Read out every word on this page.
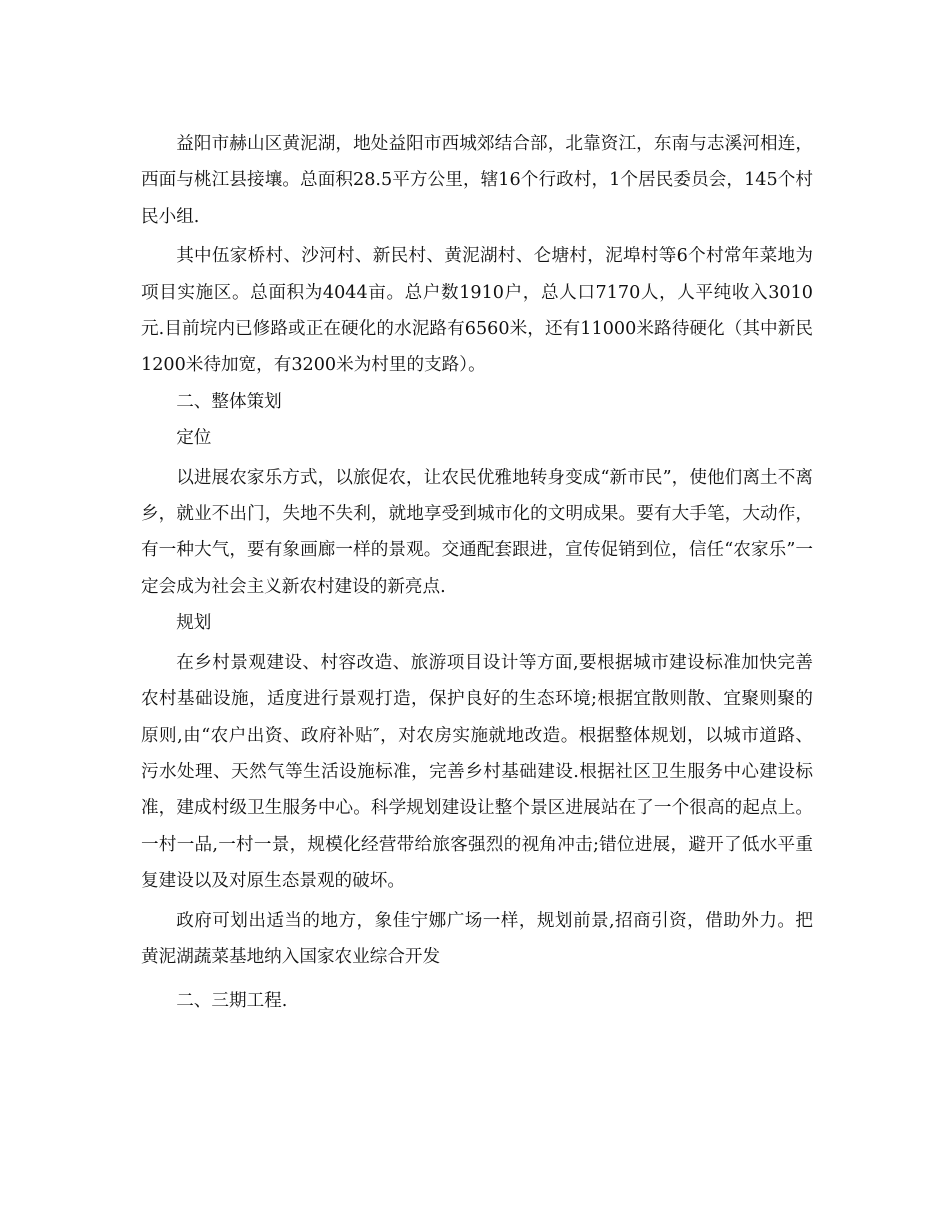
益阳市赫山区黄泥湖，地处益阳市西城郊结合部，北靠资江，东南与志溪河相连，西面与桃江县接壤。总面积28.5平方公里，辖16个行政村，1个居民委员会，145个村民小组.

其中伍家桥村、沙河村、新民村、黄泥湖村、仑塘村，泥埠村等6个村常年菜地为项目实施区。总面积为4044亩。总户数1910户，总人口7170人，人平纯收入3010元.目前垸内已修路或正在硬化的水泥路有6560米，还有11000米路待硬化（其中新民1200米待加宽，有3200米为村里的支路）。

二、整体策划

定位

以进展农家乐方式，以旅促农，让农民优雅地转身变成“新市民”，使他们离土不离乡，就业不出门，失地不失利，就地享受到城市化的文明成果。要有大手笔，大动作，有一种大气，要有象画廊一样的景观。交通配套跟进，宣传促销到位，信任“农家乐”一定会成为社会主义新农村建设的新亮点.

规划

在乡村景观建设、村容改造、旅游项目设计等方面,要根据城市建设标准加快完善农村基础设施，适度进行景观打造，保护良好的生态环境;根据宜散则散、宜聚则聚的原则,由“农户出资、政府补贴″，对农房实施就地改造。根据整体规划，以城市道路、污水处理、天然气等生活设施标准，完善乡村基础建设.根据社区卫生服务中心建设标准，建成村级卫生服务中心。科学规划建设让整个景区进展站在了一个很高的起点上。一村一品,一村一景，规模化经营带给旅客强烈的视角冲击;错位进展，避开了低水平重复建设以及对原生态景观的破坏。

政府可划出适当的地方，象佳宁娜广场一样，规划前景,招商引资，借助外力。把黄泥湖蔬菜基地纳入国家农业综合开发

二、三期工程.
